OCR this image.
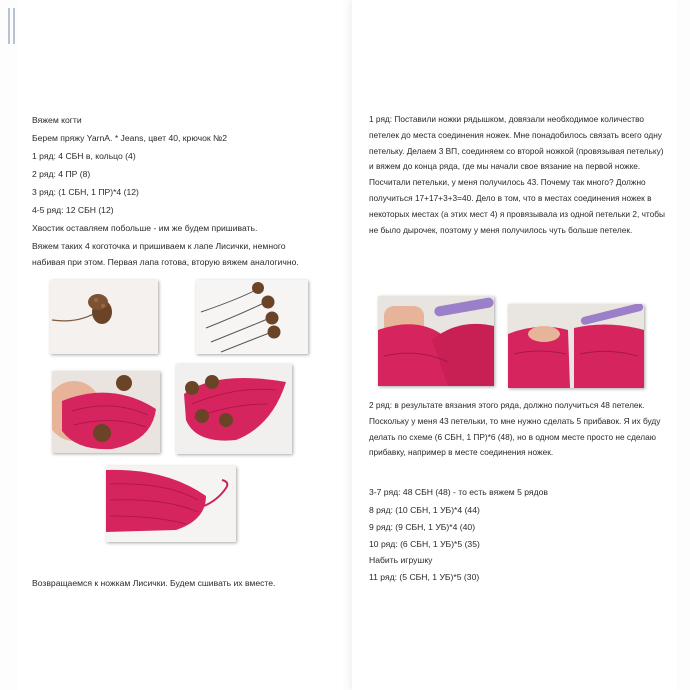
Вяжем когти
Берем пряжу YarnA. * Jeans, цвет 40, крючок №2
1 ряд: 4 СБН в, кольцо (4)
2 ряд: 4 ПР (8)
3 ряд: (1 СБН, 1 ПР)*4 (12)
4-5 ряд: 12 СБН (12)
Хвостик оставляем побольше - им же будем пришивать.
Вяжем таких 4 коготочка и пришиваем к лапе Лисички, немного
набивая при этом. Первая лапа готова, вторую вяжем аналогично.
Возвращаемся к ножкам Лисички. Будем сшивать их вместе.
1 ряд: Поставили ножки рядышком, довязали необходимое количество петелек до места соединения ножек. Мне понадобилось связать всего одну петельку. Делаем 3 ВП, соединяем со второй ножкой (провязывая петельку) и вяжем до конца ряда, где мы начали свое вязание на первой ножке. Посчитали петельки, у меня получилось 43. Почему так много? Должно получиться 17+17+3+3=40. Дело в том, что в местах соединения ножек в некоторых местах (а этих мест 4) я провязывала из одной петельки 2, чтобы не было дырочек, поэтому у меня получилось чуть больше петелек.
2 ряд: в результате вязания этого ряда, должно получиться 48 петелек. Поскольку у меня 43 петельки, то мне нужно сделать 5 прибавок. Я их буду делать по схеме (6 СБН, 1 ПР)*6 (48), но в одном месте просто не сделаю прибавку, например в месте соединения ножек.
3-7 ряд: 48 СБН (48) - то есть вяжем 5 рядов
8 ряд: (10 СБН, 1 УБ)*4 (44)
9 ряд: (9 СБН, 1 УБ)*4 (40)
10 ряд: (6 СБН, 1 УБ)*5 (35)
Набить игрушку
11 ряд: (5 СБН, 1 УБ)*5 (30)
